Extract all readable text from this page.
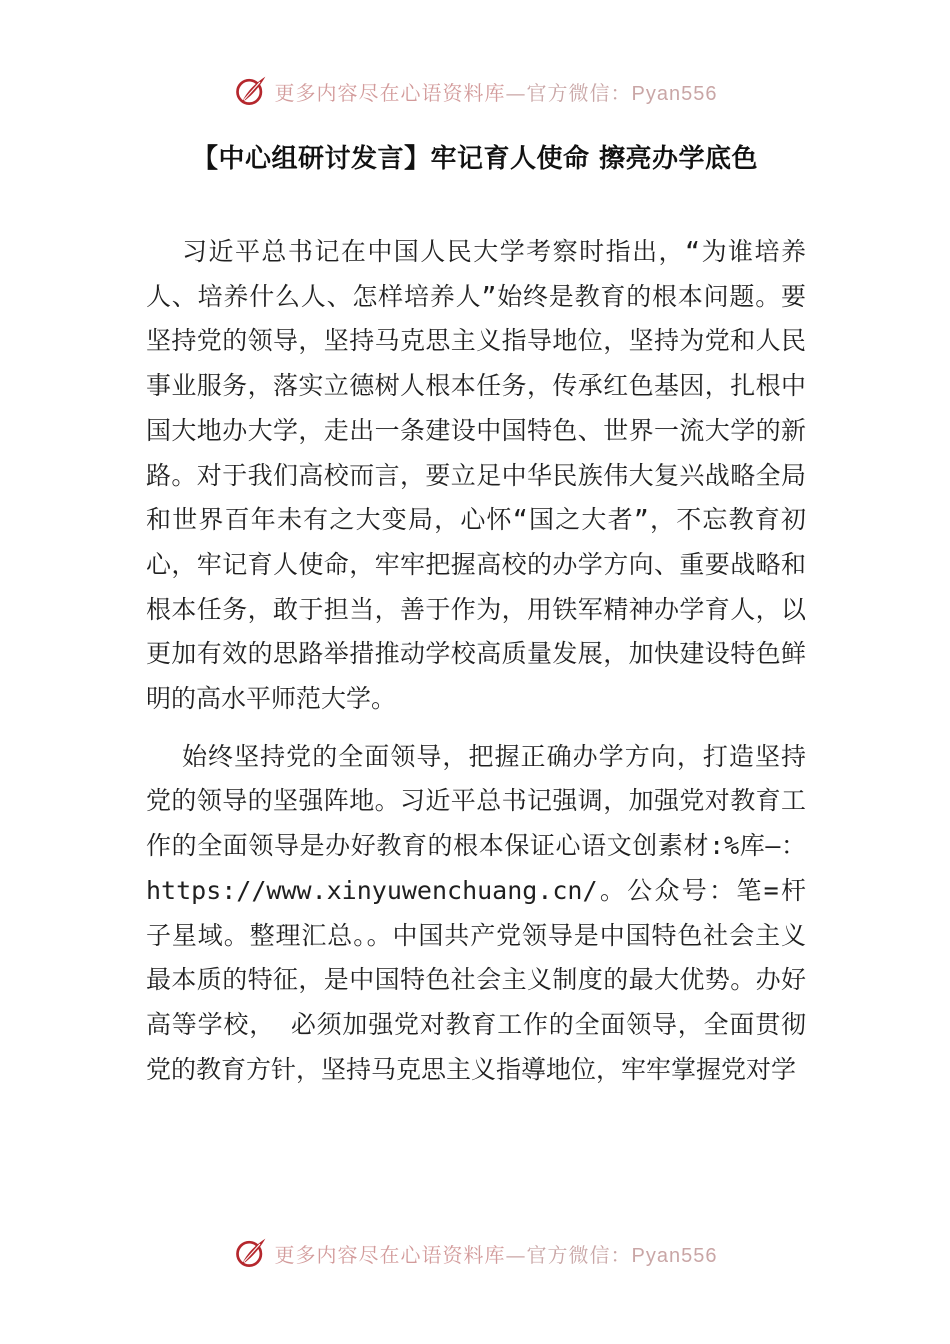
更多内容尽在心语资料库—官方微信：Pyan556
【中心组研讨发言】牢记育人使命 擦亮办学底色

习近平总书记在中国人民大学考察时指出，“为谁培养人、培养什么人、怎样培养人”始终是教育的根本问题。要坚持党的领导，坚持马克思主义指导地位，坚持为党和人民事业服务，落实立德树人根本任务，传承红色基因，扎根中国大地办大学，走出一条建设中国特色、世界一流大学的新路。对于我们高校而言，要立足中华民族伟大复兴战略全局和世界百年未有之大变局，心怀“国之大者”，不忘教育初心，牢记育人使命，牢牢把握高校的办学方向、重要战略和根本任务，敢于担当，善于作为，用铁军精神办学育人，以更加有效的思路举措推动学校高质量发展，加快建设特色鲜明的高水平师范大学。

始终坚持党的全面领导，把握正确办学方向，打造坚持党的领导的坚强阵地。习近平总书记强调，加强党对教育工作的全面领导是办好教育的根本保证心语文创素材:%库—：https://www.xinyuwenchuang.cn/。公众号：笔=杆子星域。整理汇总。。中国共产党领导是中国特色社会主义最本质的特征，是中国特色社会主义制度的最大优势。办好高等学校， 必须加强党对教育工作的全面领导，全面贯彻党的教育方针，坚持马克思主义指導地位，牢牢掌握党对学

更多内容尽在心语资料库—官方微信：Pyan556
